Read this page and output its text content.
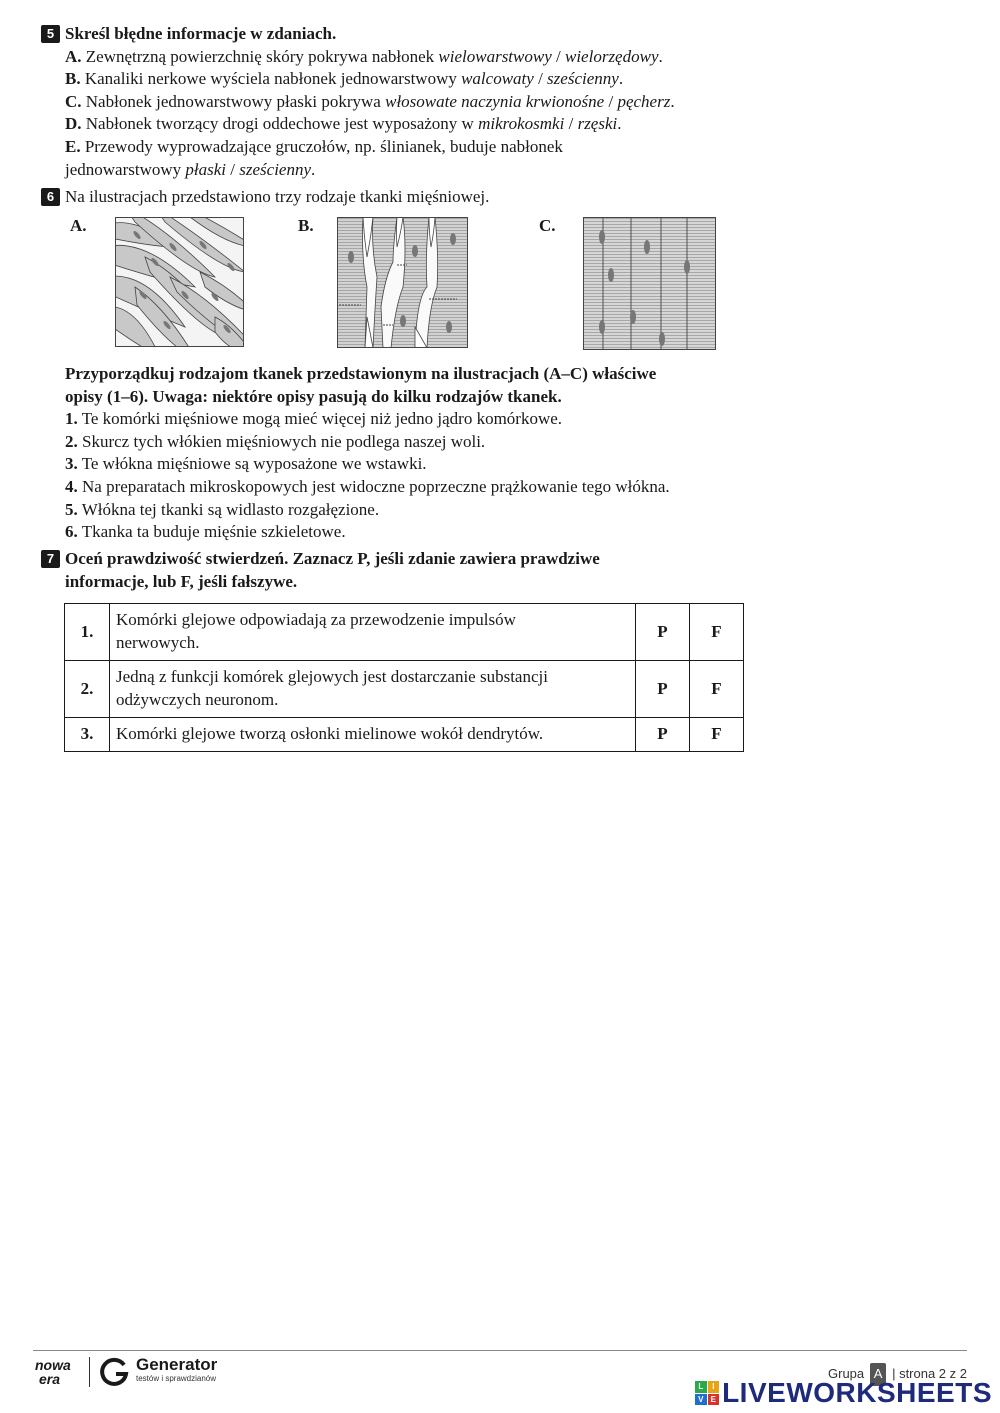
5 Skreśl błędne informacje w zdaniach.
A. Zewnętrzną powierzchnię skóry pokrywa nabłonek wielowarstwowy / wielorzędowy.
B. Kanaliki nerkowe wyściela nabłonek jednowarstwowy walcowaty / sześcienny.
C. Nabłonek jednowarstwowy płaski pokrywa włosowate naczynia krwionośne / pęcherz.
D. Nabłonek tworzący drogi oddechowe jest wyposażony w mikrokosmki / rzęski.
E. Przewody wyprowadzające gruczołów, np. ślinianek, buduje nabłonek
jednowarstwowy płaski / sześcienny.
6 Na ilustracjach przedstawiono trzy rodzaje tkanki mięśniowej.
A.	B.	C.
Przyporządkuj rodzajom tkanek przedstawionym na ilustracjach (A–C) właściwe
opisy (1–6). Uwaga: niektóre opisy pasują do kilku rodzajów tkanek.
1. Te komórki mięśniowe mogą mieć więcej niż jedno jądro komórkowe.
2. Skurcz tych włókien mięśniowych nie podlega naszej woli.
3. Te włókna mięśniowe są wyposażone we wstawki.
4. Na preparatach mikroskopowych jest widoczne poprzeczne prążkowanie tego włókna.
5. Włókna tej tkanki są widlasto rozgałęzione.
6. Tkanka ta buduje mięśnie szkieletowe.
7 Oceń prawdziwość stwierdzeń. Zaznacz P, jeśli zdanie zawiera prawdziwe
informacje, lub F, jeśli fałszywe.
1.	Komórki glejowe odpowiadają za przewodzenie impulsów
nerwowych.	P	F
2.	Jedną z funkcji komórek glejowych jest dostarczanie substancji
odżywczych neuronom.	P	F
3.	Komórki glejowe tworzą osłonki mielinowe wokół dendrytów.	P	F
nowa
era
Generator
testów i sprawdzianów	Grupa A | strona 2 z 2
L	I
V E LIVEWORKSHEETS
